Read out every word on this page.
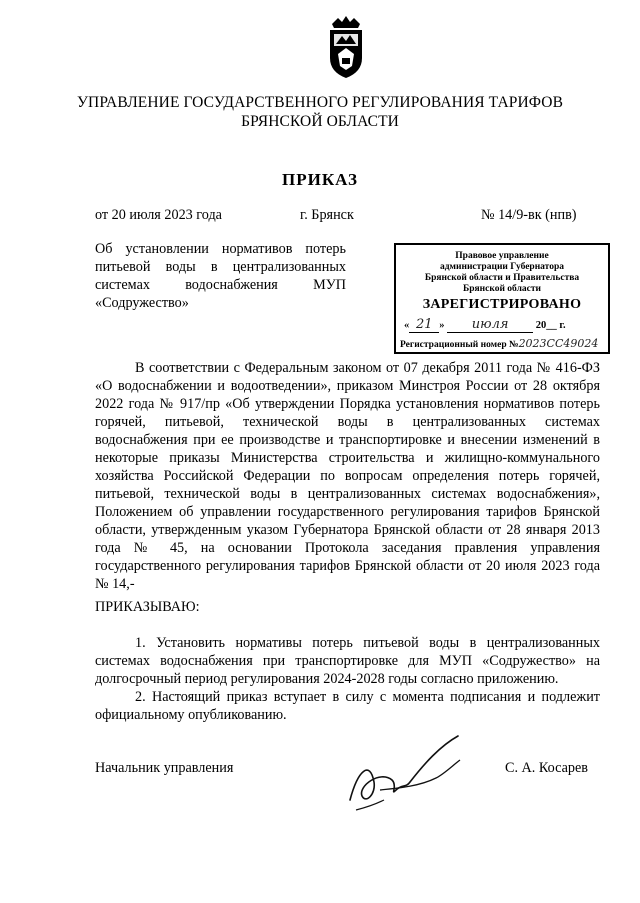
УПРАВЛЕНИЕ ГОСУДАРСТВЕННОГО РЕГУЛИРОВАНИЯ ТАРИФОВ
БРЯНСКОЙ ОБЛАСТИ
ПРИКАЗ
от 20 июля 2023 года	г. Брянск	№ 14/9-вк (нпв)
Об установлении нормативов потерь питьевой воды в централизованных системах водоснабжения МУП «Содружество»
Правовое управление
администрации Губернатора
Брянской области и Правительства
Брянской области
ЗАРЕГИСТРИРОВАНО
« 21 » июля	20__ г.
Регистрационный номер №2023СС49024

В соответствии с Федеральным законом от 07 декабря 2011 года № 416-ФЗ «О водоснабжении и водоотведении», приказом Минстроя России от 28 октября 2022 года № 917/пр «Об утверждении Порядка установления нормативов потерь горячей, питьевой, технической воды в централизованных системах водоснабжения при ее производстве и транспортировке и внесении изменений в некоторые приказы Министерства строительства и жилищно-коммунального хозяйства Российской Федерации по вопросам определения потерь горячей, питьевой, технической воды в централизованных системах водоснабжения», Положением об управлении государственного регулирования тарифов Брянской области, утвержденным указом Губернатора Брянской области от 28 января 2013 года № 45, на основании Протокола заседания правления управления государственного регулирования тарифов Брянской области от 20 июля 2023 года № 14,-

ПРИКАЗЫВАЮ:

1. Установить нормативы потерь питьевой воды в централизованных системах водоснабжения при транспортировке для МУП «Содружество» на долгосрочный период регулирования 2024-2028 годы согласно приложению.

2. Настоящий приказ вступает в силу с момента подписания и подлежит официальному опубликованию.

Начальник управления	С. А. Косарев
